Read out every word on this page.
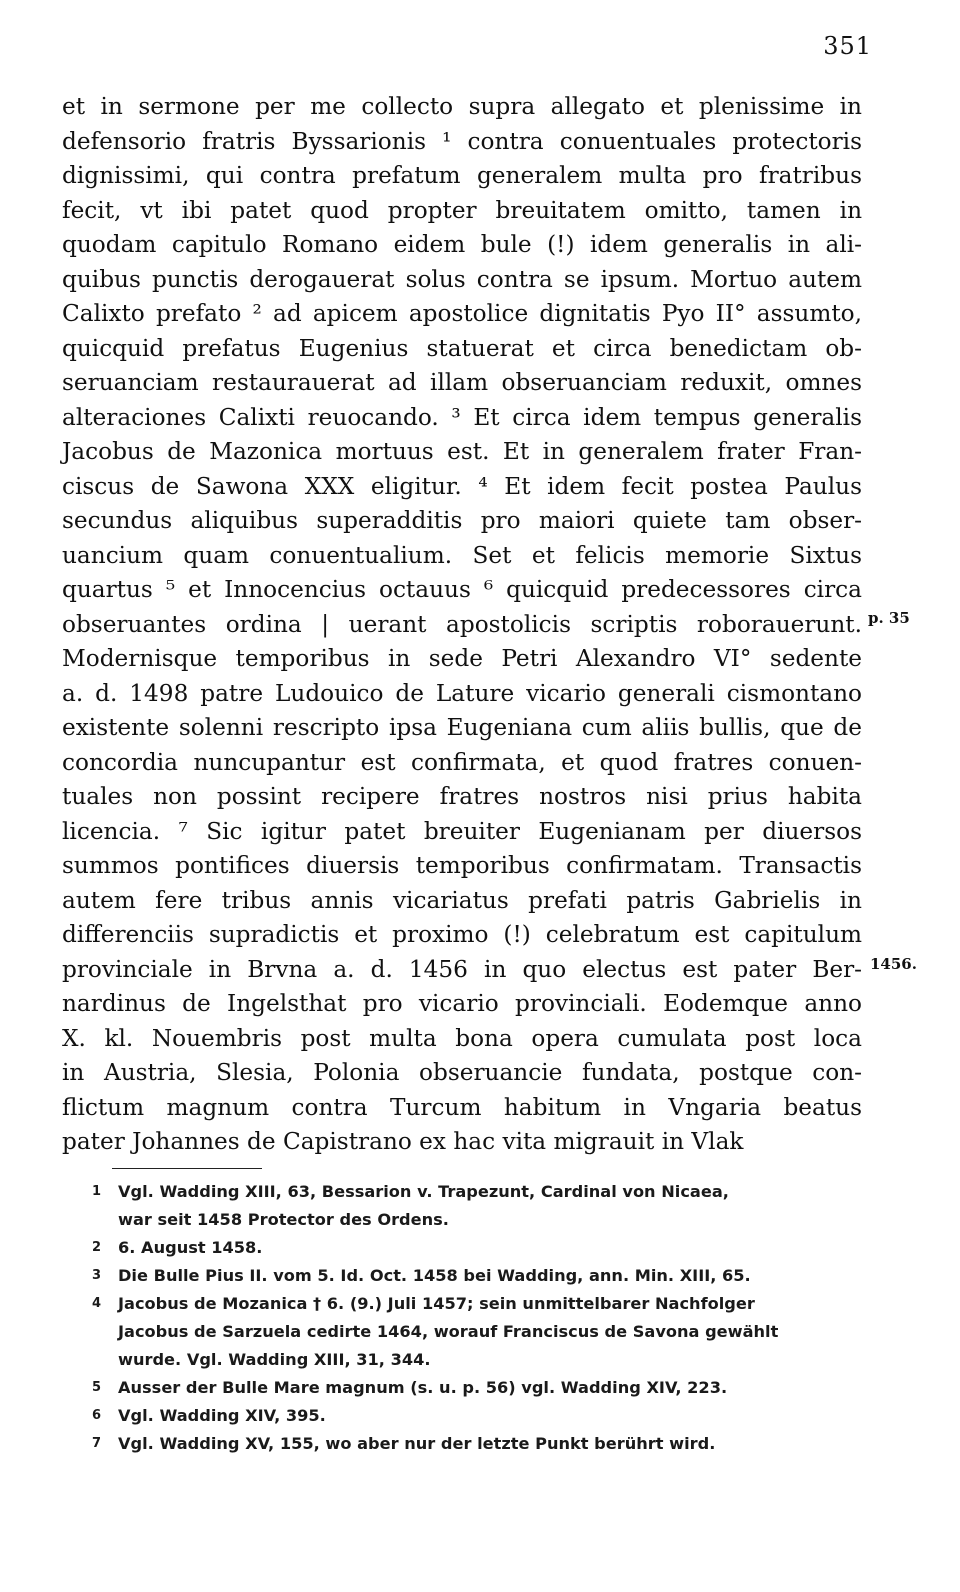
351
et in sermone per me collecto supra allegato et plenissime in
defensorio fratris Byssarionis ¹ contra conuentuales protectoris
dignissimi, qui contra prefatum generalem multa pro fratribus
fecit, vt ibi patet quod propter breuitatem omitto, tamen in
quodam capitulo Romano eidem bule (!) idem generalis in ali-
quibus punctis derogauerat solus contra se ipsum. Mortuo autem
Calixto prefato ² ad apicem apostolice dignitatis Pyo II° assumto,
quicquid prefatus Eugenius statuerat et circa benedictam ob-
seruanciam restaurauerat ad illam obseruanciam reduxit, omnes
alteraciones Calixti reuocando. ³ Et circa idem tempus generalis
Jacobus de Mazonica mortuus est. Et in generalem frater Fran-
ciscus de Sawona XXX eligitur. ⁴ Et idem fecit postea Paulus
secundus aliquibus superadditis pro maiori quiete tam obser-
uancium quam conuentualium. Set et felicis memorie Sixtus
quartus ⁵ et Innocencius octauus ⁶ quicquid predecessores circa
obseruantes ordina | uerant apostolicis scriptis roborauerunt.
Modernisque temporibus in sede Petri Alexandro VI° sedente
a. d. 1498 patre Ludouico de Lature vicario generali cismontano
existente solenni rescripto ipsa Eugeniana cum aliis bullis, que de
concordia nuncupantur est confirmata, et quod fratres conuen-
tuales non possint recipere fratres nostros nisi prius habita
licencia. ⁷ Sic igitur patet breuiter Eugenianam per diuersos
summos pontifices diuersis temporibus confirmatam. Transactis
autem fere tribus annis vicariatus prefati patris Gabrielis in
differenciis supradictis et proximo (!) celebratum est capitulum
provinciale in Brvna a. d. 1456 in quo electus est pater Ber-
nardinus de Ingelsthat pro vicario provinciali. Eodemque anno
X. kl. Nouembris post multa bona opera cumulata post loca
in Austria, Slesia, Polonia obseruancie fundata, postque con-
flictum magnum contra Turcum habitum in Vngaria beatus
pater Johannes de Capistrano ex hac vita migrauit in Vlak
p. 35
1456.
1 Vgl. Wadding XIII, 63, Bessarion v. Trapezunt, Cardinal von Nicaea,
war seit 1458 Protector des Ordens.
2 6. August 1458.
3 Die Bulle Pius II. vom 5. Id. Oct. 1458 bei Wadding, ann. Min. XIII, 65.
4 Jacobus de Mozanica † 6. (9.) Juli 1457; sein unmittelbarer Nachfolger
Jacobus de Sarzuela cedirte 1464, worauf Franciscus de Savona gewählt
wurde. Vgl. Wadding XIII, 31, 344.
5 Ausser der Bulle Mare magnum (s. u. p. 56) vgl. Wadding XIV, 223.
6 Vgl. Wadding XIV, 395.
7 Vgl. Wadding XV, 155, wo aber nur der letzte Punkt berührt wird.
